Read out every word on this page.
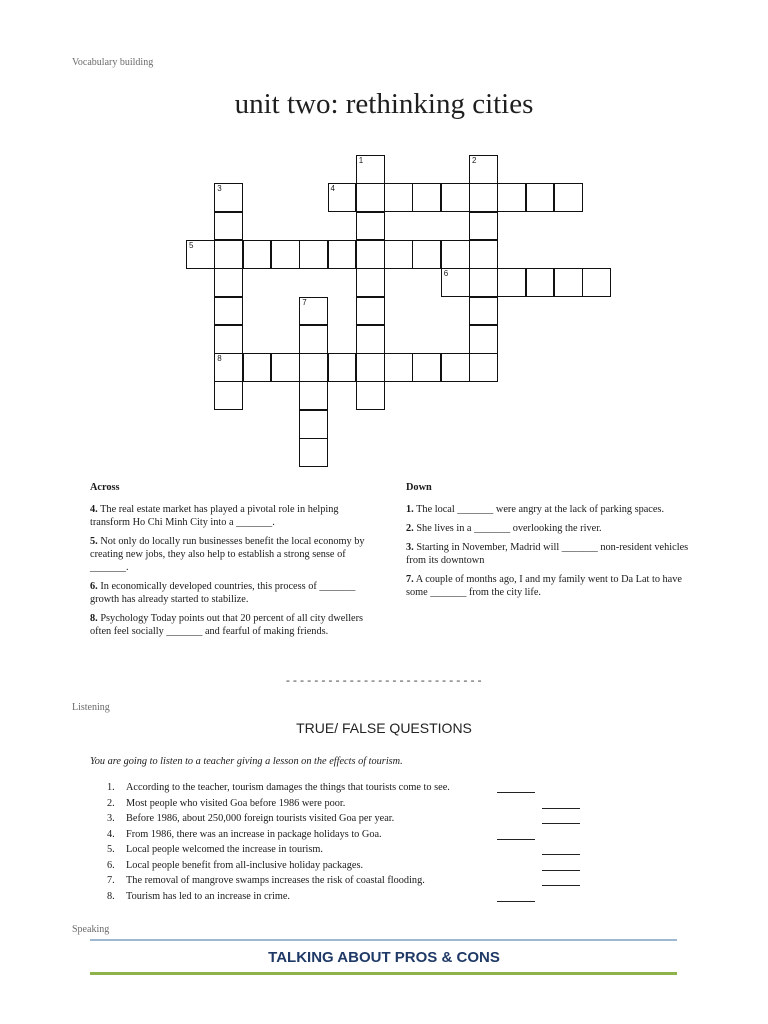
Vocabulary building
unit two: rethinking cities
4
5
6
8
1	2
3
7
Across
4. The real estate market has played a pivotal role in helping transform Ho Chi Minh City into a _______.
5. Not only do locally run businesses benefit the local economy by creating new jobs, they also help to establish a strong sense of _______.
6. In economically developed countries, this process of _______ growth has already started to stabilize.
8. Psychology Today points out that 20 percent of all city dwellers often feel socially _______ and fearful of making friends.
Down
1. The local _______ were angry at the lack of parking spaces.
2. She lives in a _______ overlooking the river.
3. Starting in November, Madrid will _______ non-resident vehicles from its downtown
7. A couple of months ago, I and my family went to Da Lat to have some _______ from the city life.
----------------------------
Listening
TRUE/ FALSE QUESTIONS
You are going to listen to a teacher giving a lesson on the effects of tourism.
1.	According to the teacher, tourism damages the things that tourists come to see.
2.	Most people who visited Goa before 1986 were poor.
3.	Before 1986, about 250,000 foreign tourists visited Goa per year.
4.	From 1986, there was an increase in package holidays to Goa.
5.	Local people welcomed the increase in tourism.
6.	Local people benefit from all-inclusive holiday packages.
7.	The removal of mangrove swamps increases the risk of coastal flooding.
8.	Tourism has led to an increase in crime.
Speaking
TALKING ABOUT PROS & CONS
